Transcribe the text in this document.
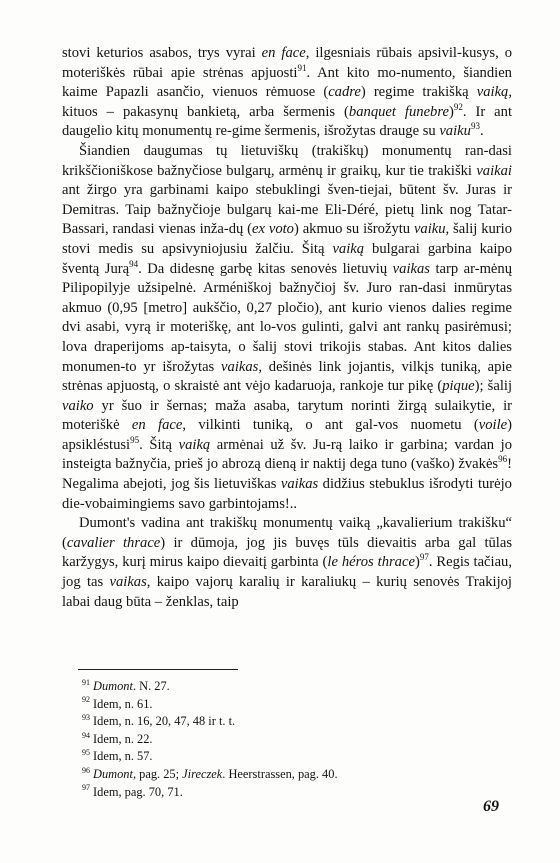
stovi keturios asabos, trys vyrai en face, ilgesniais rūbais apsivil-kusys, o moteriškės rūbai apie strėnas apjuosti$^{91}$. Ant kito mo-numento, šiandien kaime Papazli asančio, vienuos rėmuose (cadre) regime trakišką vaiką, kituos – pakasynų bankietą, arba šermenis (banquet funebre)$^{92}$. Ir ant daugelio kitų monumentų re-gime šermenis, išrožytas drauge su vaiku$^{93}$.

Šiandien daugumas tų lietuviškų (trakiškų) monumentų ran-dasi krikščioniškose bažnyčiose bulgarų, armėnų ir graikų, kur tie trakiški vaikai ant žirgo yra garbinami kaipo stebuklingi šven-tiejai, būtent šv. Juras ir Demitras. Taip bažnyčioje bulgarų kai-me Eli-Déré, pietų link nog Tatar-Bassari, randasi vienas inža-dų (ex voto) akmuo su išrožytu vaiku, šalij kurio stovi medis su apsivyniojusiu žalčiu. Šitą vaiką bulgarai garbina kaipo šventą Jurą$^{94}$. Da didesnę garbę kitas senovės lietuvių vaikas tarp ar-mėnų Pilipopilyje užsipelnė. Arméniškoj bažnyčioj šv. Juro ran-dasi inmūrytas akmuo (0,95 [metro] aukščio, 0,27 pločio), ant kurio vienos dalies regime dvi asabi, vyrą ir moteriškę, ant lo-vos gulinti, galvi ant rankų pasirėmusi; lova draperijoms ap-taisyta, o šalij stovi trikojis stabas. Ant kitos dalies monumen-to yr išrožytas vaikas, dešinės link jojantis, vilkįs tuniką, apie strėnas apjuostą, o skraistė ant vėjo kadaruoja, rankoje tur pikę (pique); šalij vaiko yr šuo ir šernas; maža asaba, tarytum norinti žirgą sulaikytie, ir moteriškė en face, vilkinti tuniką, o ant gal-vos nuometu (voile) apsikléstusi$^{95}$. Šitą vaiką armėnai už šv. Ju-rą laiko ir garbina; vardan jo insteigta bažnyčia, prieš jo abrozą dieną ir naktij dega tuno (vaško) žvakės$^{96}$! Negalima abejoti, jog šis lietuviškas vaikas didžius stebuklus išrodyti turėjo die-vobaimingiems savo garbintojams!..

Dumont's vadina ant trakiškų monumentų vaiką „kavalierium trakišku“ (cavalier thrace) ir dūmoja, jog jis buvęs tūls dievaitis arba gal tūlas karžygys, kurį mirus kaipo dievaitį garbinta (le héros thrace)$^{97}$. Regis tačiau, jog tas vaikas, kaipo vajorų karalių ir karaliukų – kurių senovės Trakijoj labai daug būta – ženklas, taip

$^{91}$ Dumont. N. 27.
$^{92}$ Idem, n. 61.
$^{93}$ Idem, n. 16, 20, 47, 48 ir t. t.
$^{94}$ Idem, n. 22.
$^{95}$ Idem, n. 57.
$^{96}$ Dumont, pag. 25; Jireczek. Heerstrassen, pag. 40.
$^{97}$ Idem, pag. 70, 71.
69
